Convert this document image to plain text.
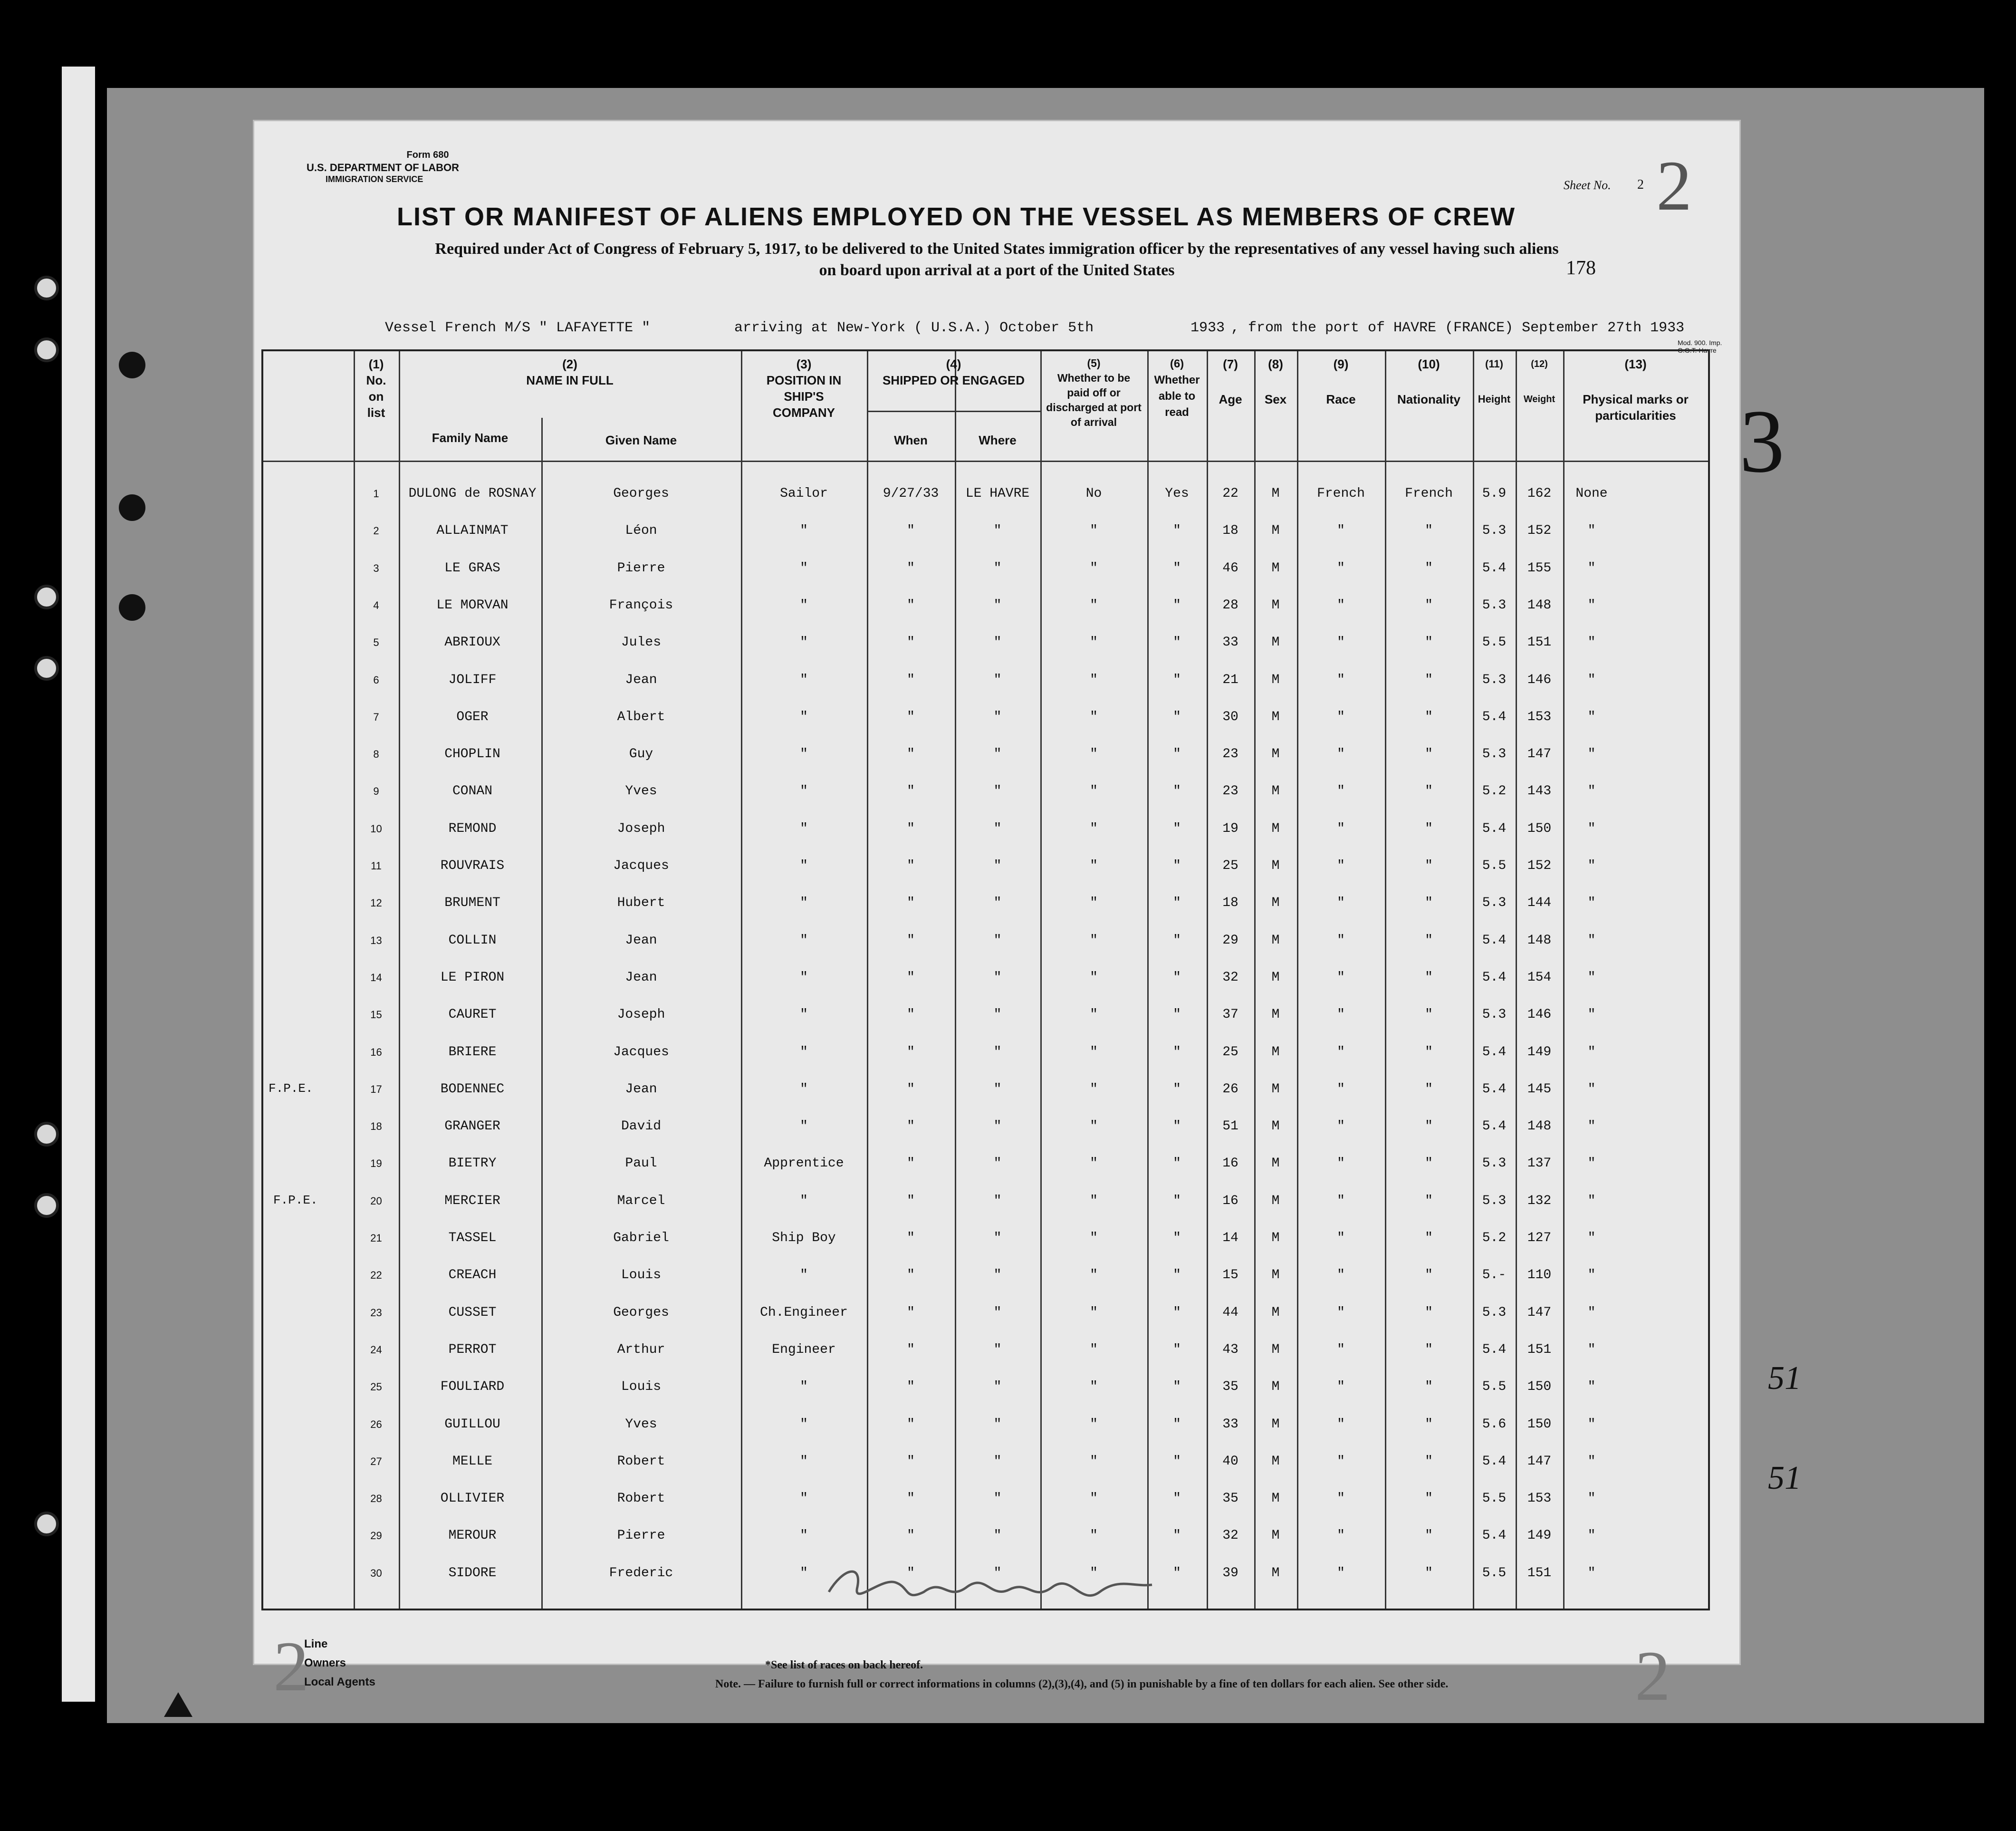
3
51
51
Form 680
U.S. DEPARTMENT OF LABOR
IMMIGRATION SERVICE	Sheet No. 2 2
LIST OR MANIFEST OF ALIENS EMPLOYED ON THE VESSEL AS MEMBERS OF CREW
Required under Act of Congress of February 5, 1917, to be delivered to the United States immigration officer by the representatives of any vessel having such aliens
on board upon arrival at a port of the United States	178
Vessel French M/S " LAFAYETTE "	arriving at New-York ( U.S.A.) October 5th	1933 , from the port of HAVRE (FRANCE) September 27th 1933
Mod. 900. Imp. G.G.T. Havre
F.P.E.
F.P.E.
(1)
No. on list
(2)
NAME IN FULL
Family Name	Given Name
(3)
POSITION IN SHIP'S COMPANY
(4)
SHIPPED OR ENGAGED
When	Where
(5)
Whether to be paid off or discharged at port of arrival
(6)
Whether able to read
(7)
Age
(8)
Sex
(9)
Race
(10)
Nationality
(11)
Height
(12)
Weight
(13)
Physical marks or particularities
1	DULONG de ROSNAY	Georges	Sailor	9/27/33	LE HAVRE	No	Yes	22	M	French	French	5.9	162	None
2	ALLAINMAT	Léon	"	"	"	"	"	18	M	"	"	5.3	152	"
3	LE GRAS	Pierre	"	"	"	"	"	46	M	"	"	5.4	155	"
4	LE MORVAN	François	"	"	"	"	"	28	M	"	"	5.3	148	"
5	ABRIOUX	Jules	"	"	"	"	"	33	M	"	"	5.5	151	"
6	JOLIFF	Jean	"	"	"	"	"	21	M	"	"	5.3	146	"
7	OGER	Albert	"	"	"	"	"	30	M	"	"	5.4	153	"
8	CHOPLIN	Guy	"	"	"	"	"	23	M	"	"	5.3	147	"
9	CONAN	Yves	"	"	"	"	"	23	M	"	"	5.2	143	"
10	REMOND	Joseph	"	"	"	"	"	19	M	"	"	5.4	150	"
11	ROUVRAIS	Jacques	"	"	"	"	"	25	M	"	"	5.5	152	"
12	BRUMENT	Hubert	"	"	"	"	"	18	M	"	"	5.3	144	"
13	COLLIN	Jean	"	"	"	"	"	29	M	"	"	5.4	148	"
14	LE PIRON	Jean	"	"	"	"	"	32	M	"	"	5.4	154	"
15	CAURET	Joseph	"	"	"	"	"	37	M	"	"	5.3	146	"
16	BRIERE	Jacques	"	"	"	"	"	25	M	"	"	5.4	149	"
17	BODENNEC	Jean	"	"	"	"	"	26	M	"	"	5.4	145	"
18	GRANGER	David	"	"	"	"	"	51	M	"	"	5.4	148	"
19	BIETRY	Paul	Apprentice	"	"	"	"	16	M	"	"	5.3	137	"
20	MERCIER	Marcel	"	"	"	"	"	16	M	"	"	5.3	132	"
21	TASSEL	Gabriel	Ship Boy	"	"	"	"	14	M	"	"	5.2	127	"
22	CREACH	Louis	"	"	"	"	"	15	M	"	"	5.-	110	"
23	CUSSET	Georges	Ch.Engineer	"	"	"	"	44	M	"	"	5.3	147	"
24	PERROT	Arthur	Engineer	"	"	"	"	43	M	"	"	5.4	151	"
25	FOULIARD	Louis	"	"	"	"	"	35	M	"	"	5.5	150	"
26	GUILLOU	Yves	"	"	"	"	"	33	M	"	"	5.6	150	"
27	MELLE	Robert	"	"	"	"	"	40	M	"	"	5.4	147	"
28	OLLIVIER	Robert	"	"	"	"	"	35	M	"	"	5.5	153	"
29	MEROUR	Pierre	"	"	"	"	"	32	M	"	"	5.4	149	"
30	SIDORE	Frederic	"	"	"	"	"	39	M	"	"	5.5	151	"
Line
Owners
Local Agents
*See list of races on back hereof.
Note. — Failure to furnish full or correct informations in columns (2),(3),(4), and (5) in punishable by a fine of ten dollars for each alien. See other side.
2	2
